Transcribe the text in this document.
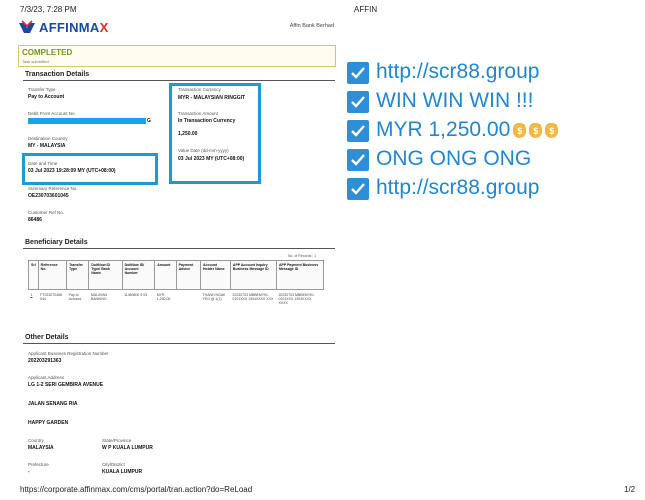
7/3/23, 7:28 PM	AFFIN
AFFINMAX	Affin Bank Berhad
COMPLETED
Task submitted
Transaction Details
Transfer Type
Pay to Account
Debit From Account No.
G
Destination Country
MY - MALAYSIA
Date and Time
03 Jul 2023 19:28:09 MY (UTC+08:00)
Summary Reference No.
OE230703601045
Customer Ref No.
86486
Transaction Currency
MYR - MALAYSIAN RINGGIT
Transaction Amount
In Transaction Currency
1,250.00
Value Date (dd-mm-yyyy)
03 Jul 2023 MY (UTC+08:00)
Beneficiary Details
No. of Records : 1
Srl	Reference No.	Transfer Type	DuitNow ID Type/ Bank Name	DuitNow ID/ Account Number	Amount	Payment Advice	Account Holder Name	APP Account Inquiry Business Message ID	APP Payment Business Message ID
1	FT023070466 044	Pay to Account	MALAYAN BANKING	11480800 5 03	MYR 1,250.00		THANH NGAK YEO @ 1(1)	20230703 MBBEMYKL 0101XXX 1304XXXX XXX	20230703 MBBEMYKL 0101XXX 1304XXXX XXXX
Other Details
Applicant Business Registration Number
202203291363
Applicant Address
LG 1-2 SERI GEMBIRA AVENUE
JALAN SENANG RIA
HAPPY GARDEN
Country
MALAYSIA
State/Province
W P KUALA LUMPUR
Prefecture
-
City/District
KUALA LUMPUR
http://scr88.group
WIN WIN WIN !!!
MYR 1,250.00 $ $ $
ONG ONG ONG
http://scr88.group
https://corporate.affinmax.com/cms/portal/tran.action?do=ReLoad	1/2
